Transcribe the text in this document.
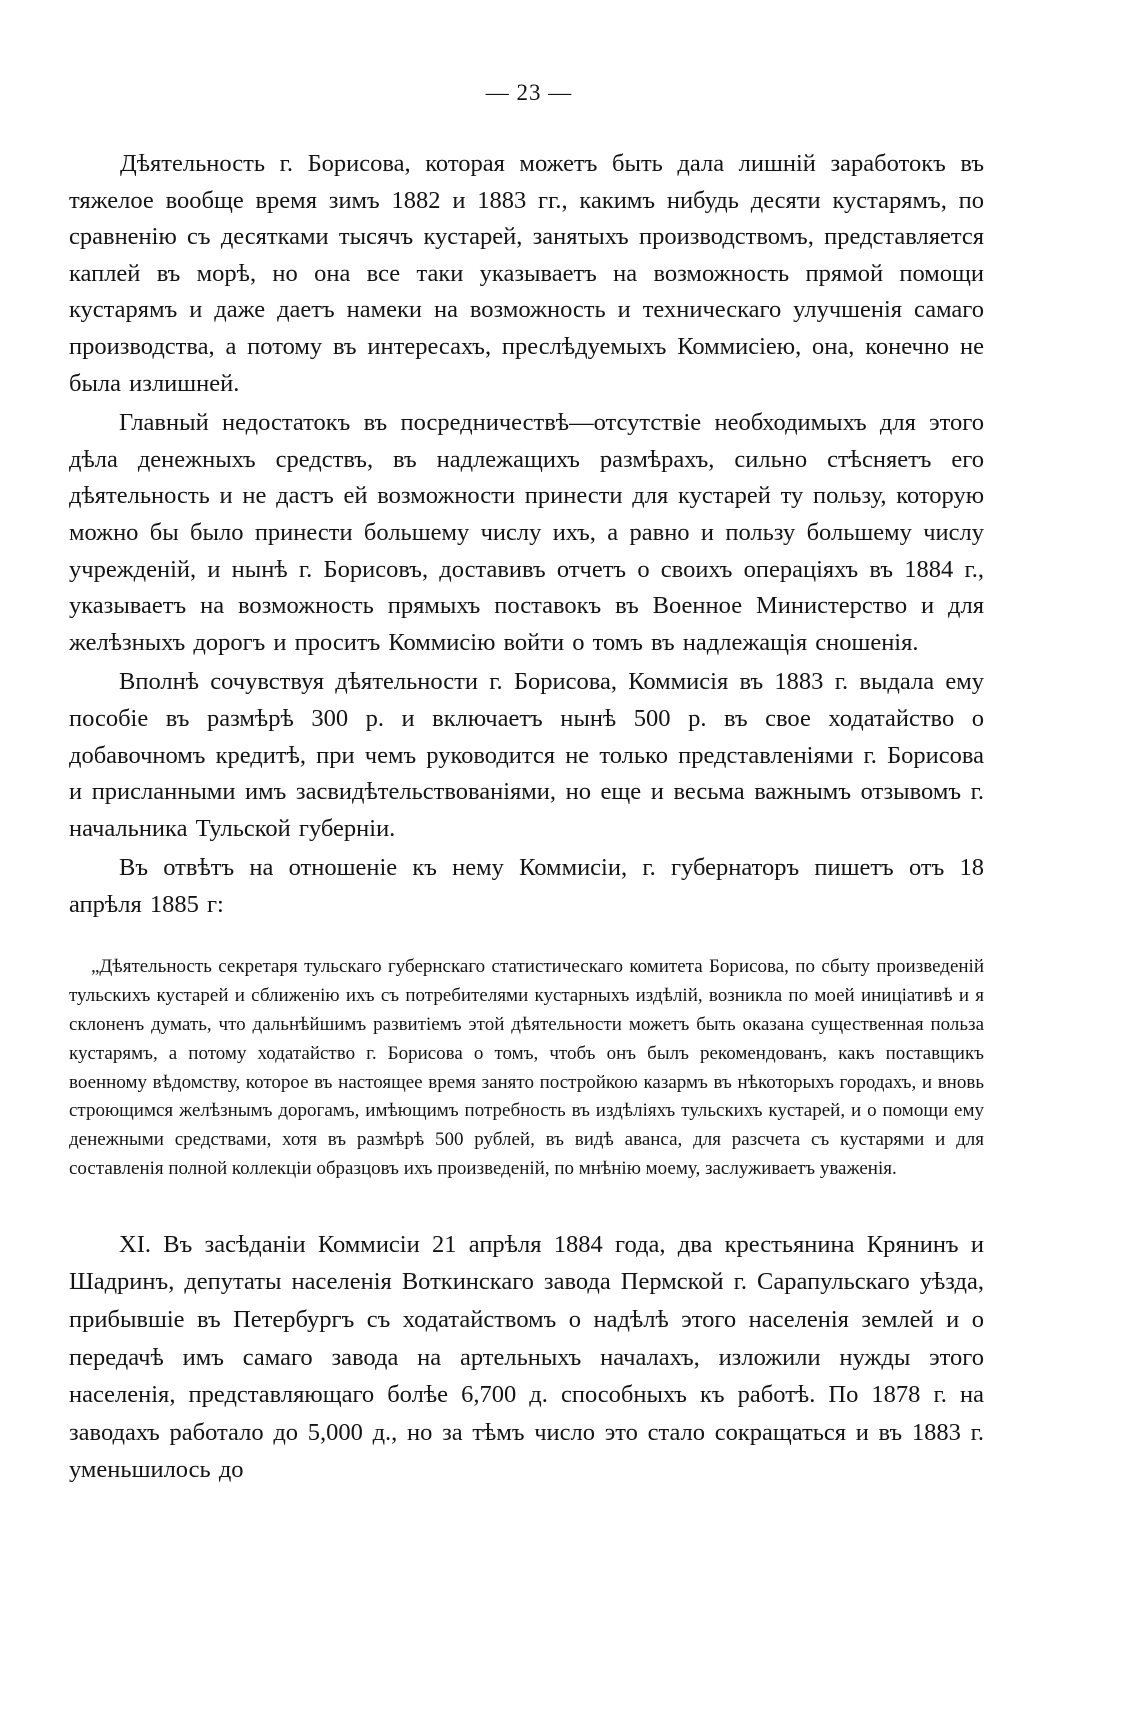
— 23 —

Дѣятельность г. Борисова, которая можетъ быть дала лишній заработокъ въ тяжелое вообще время зимъ 1882 и 1883 гг., какимъ нибудь десяти кустарямъ, по сравненію съ десятками тысячъ кустарей, занятыхъ производствомъ, представляется каплей въ морѣ, но она все таки указываетъ на возможность прямой помощи кустарямъ и даже даетъ намеки на возможность и техническаго улучшенія самаго производства, а потому въ интересахъ, преслѣдуемыхъ Коммисіею, она, конечно не была излишней.

Главный недостатокъ въ посредничествѣ—отсутствіе необходимыхъ для этого дѣла денежныхъ средствъ, въ надлежащихъ размѣрахъ, сильно стѣсняетъ его дѣятельность и не дастъ ей возможности принести для кустарей ту пользу, которую можно бы было принести большему числу ихъ, а равно и пользу большему числу учрежденій, и нынѣ г. Борисовъ, доставивъ отчетъ о своихъ операціяхъ въ 1884 г., указываетъ на возможность прямыхъ поставокъ въ Военное Министерство и для желѣзныхъ дорогъ и проситъ Коммисію войти о томъ въ надлежащія сношенія.

Вполнѣ сочувствуя дѣятельности г. Борисова, Коммисія въ 1883 г. выдала ему пособіе въ размѣрѣ 300 р. и включаетъ нынѣ 500 р. въ свое ходатайство о добавочномъ кредитѣ, при чемъ руководится не только представленіями г. Борисова и присланными имъ засвидѣтельствованіями, но еще и весьма важнымъ отзывомъ г. начальника Тульской губерніи.

Въ отвѣтъ на отношеніе къ нему Коммисіи, г. губернаторъ пишетъ отъ 18 апрѣля 1885 г:

„Дѣятельность секретаря тульскаго губернскаго статистическаго комитета Борисова, по сбыту произведеній тульскихъ кустарей и сближенію ихъ съ потребителями кустарныхъ издѣлій, возникла по моей иниціативѣ и я склоненъ думать, что дальнѣйшимъ развитіемъ этой дѣятельности можетъ быть оказана существенная польза кустарямъ, а потому ходатайство г. Борисова о томъ, чтобъ онъ былъ рекомендованъ, какъ поставщикъ военному вѣдомству, которое въ настоящее время занято постройкою казармъ въ нѣкоторыхъ городахъ, и вновь строющимся желѣзнымъ дорогамъ, имѣющимъ потребность въ издѣліяхъ тульскихъ кустарей, и о помощи ему денежными средствами, хотя въ размѣрѣ 500 рублей, въ видѣ аванса, для разсчета съ кустарями и для составленія полной коллекціи образцовъ ихъ произведеній, по мнѣнію моему, заслуживаетъ уваженія.

XI. Въ засѣданіи Коммисіи 21 апрѣля 1884 года, два крестьянина Крянинъ и Шадринъ, депутаты населенія Воткинскаго завода Пермской г. Сарапульскаго уѣзда, прибывшіе въ Петербургъ съ ходатайствомъ о надѣлѣ этого населенія землей и о передачѣ имъ самаго завода на артельныхъ началахъ, изложили нужды этого населенія, представляющаго болѣе 6,700 д. способныхъ къ работѣ. По 1878 г. на заводахъ работало до 5,000 д., но за тѣмъ число это стало сокращаться и въ 1883 г. уменьшилось до
